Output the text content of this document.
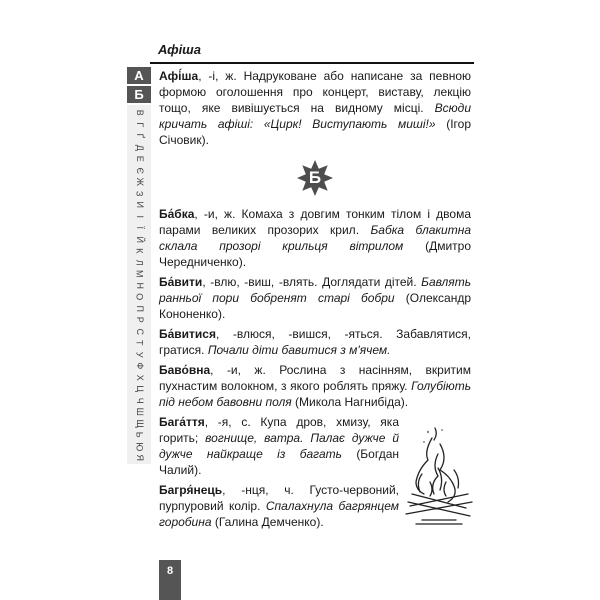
Афіша
А
Б
В
Г
Ґ
Д
Е
Є
Ж
З
И
І
Ї
Й
К
Л
М
Н
О
П
Р
С
Т
У
Ф
Х
Ц
Ч
Ш
Щ
Ь
Ю
Я

Афі́ша, -і, ж. Надруковане або написане за певною формою оголошення про концерт, виставу, лекцію тощо, яке вивішується на видному місці. Всюди кричать афіші: «Цирк! Виступають миші!» (Ігор Січовик).

Б

Ба́бка, -и, ж. Комаха з довгим тонким тілом і двома парами великих прозорих крил. Бабка блакитна склала прозорі крильця вітрилом (Дмитро Чередниченко).

Ба́вити, -влю, -виш, -влять. Доглядати дітей. Бавлять ранньої пори бобренят старі бобри (Олександр Кононенко).

Ба́витися, -влюся, -вишся, -яться. Забавлятися, гратися. Почали діти бавитися з м'ячем.

Баво́вна, -и, ж. Рослина з насінням, вкритим пухнастим волокном, з якого роблять пряжу. Голубіють під небом бавовни поля (Микола Нагнибіда).

Бага́ття, -я, с. Купа дров, хмизу, яка горить; вогнище, ватра. Палає дужче й дужче найкраще із багать (Богдан Чалий).

Багря́нець, -нця, ч. Густо-червоний, пурпуровий колір. Спалахнула багрянцем горобина (Галина Демченко).

8
